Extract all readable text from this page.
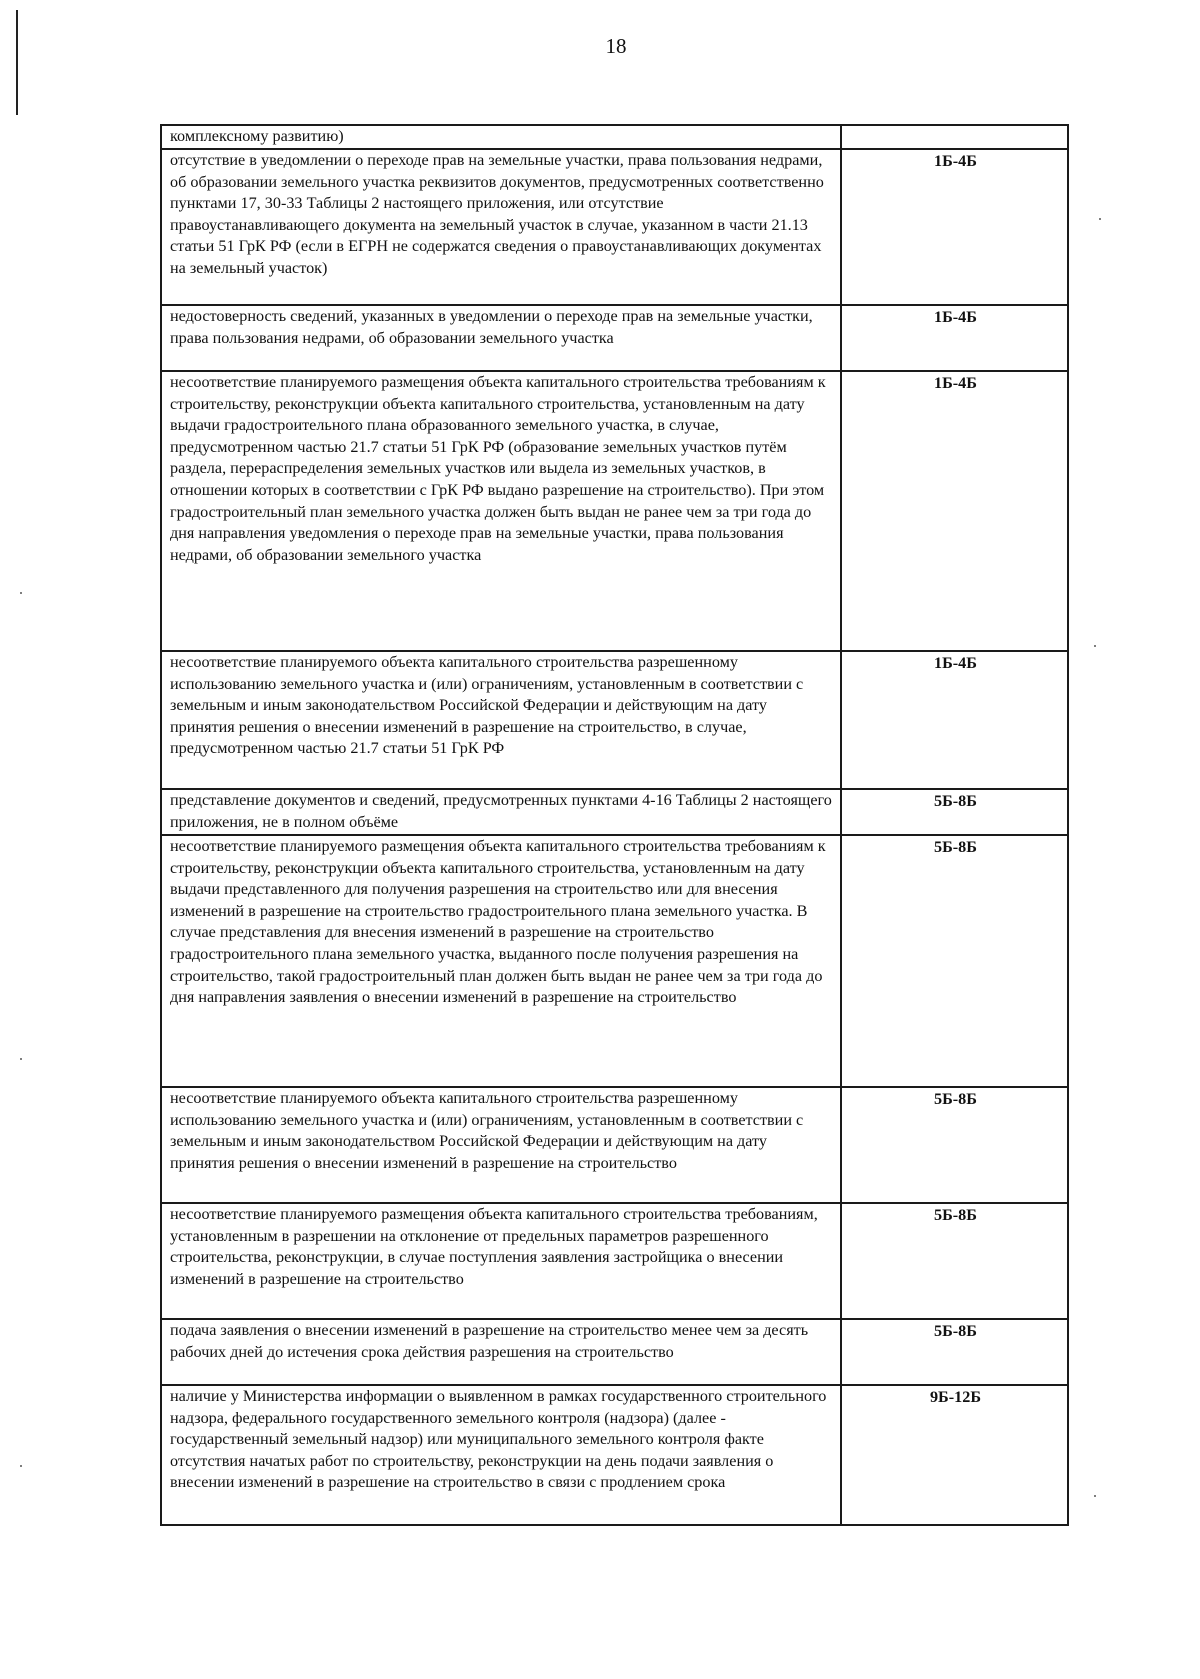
18
комплексному развитию)	
отсутствие в уведомлении о переходе прав на земельные участки, права пользования недрами, об образовании земельного участка реквизитов документов, предусмотренных соответственно пунктами 17, 30-33 Таблицы 2 настоящего приложения, или отсутствие правоустанавливающего документа на земельный участок в случае, указанном в части 21.13 статьи 51 ГрК РФ (если в ЕГРН не содержатся сведения о правоустанавливающих документах на земельный участок)	1Б-4Б
недостоверность сведений, указанных в уведомлении о переходе прав на земельные участки, права пользования недрами, об образовании земельного участка	1Б-4Б
несоответствие планируемого размещения объекта капитального строительства требованиям к строительству, реконструкции объекта капитального строительства, установленным на дату выдачи градостроительного плана образованного земельного участка, в случае, предусмотренном частью 21.7 статьи 51 ГрК РФ (образование земельных участков путём раздела, перераспределения земельных участков или выдела из земельных участков, в отношении которых в соответствии с ГрК РФ выдано разрешение на строительство). При этом градостроительный план земельного участка должен быть выдан не ранее чем за три года до дня направления уведомления о переходе прав на земельные участки, права пользования недрами, об образовании земельного участка	1Б-4Б
несоответствие планируемого объекта капитального строительства разрешенному использованию земельного участка и (или) ограничениям, установленным в соответствии с земельным и иным законодательством Российской Федерации и действующим на дату принятия решения о внесении изменений в разрешение на строительство, в случае, предусмотренном частью 21.7 статьи 51 ГрК РФ	1Б-4Б
представление документов и сведений, предусмотренных пунктами 4-16 Таблицы 2 настоящего приложения, не в полном объёме	5Б-8Б
несоответствие планируемого размещения объекта капитального строительства требованиям к строительству, реконструкции объекта капитального строительства, установленным на дату выдачи представленного для получения разрешения на строительство или для внесения изменений в разрешение на строительство градостроительного плана земельного участка. В случае представления для внесения изменений в разрешение на строительство градостроительного плана земельного участка, выданного после получения разрешения на строительство, такой градостроительный план должен быть выдан не ранее чем за три года до дня направления заявления о внесении изменений в разрешение на строительство	5Б-8Б
несоответствие планируемого объекта капитального строительства разрешенному использованию земельного участка и (или) ограничениям, установленным в соответствии с земельным и иным законодательством Российской Федерации и действующим на дату принятия решения о внесении изменений в разрешение на строительство	5Б-8Б
несоответствие планируемого размещения объекта капитального строительства требованиям, установленным в разрешении на отклонение от предельных параметров разрешенного строительства, реконструкции, в случае поступления заявления застройщика о внесении изменений в разрешение на строительство	5Б-8Б
подача заявления о внесении изменений в разрешение на строительство менее чем за десять рабочих дней до истечения срока действия разрешения на строительство	5Б-8Б
наличие у Министерства информации о выявленном в рамках государственного строительного надзора, федерального государственного земельного контроля (надзора) (далее - государственный земельный надзор) или муниципального земельного контроля факте отсутствия начатых работ по строительству, реконструкции на день подачи заявления о внесении изменений в разрешение на строительство в связи с продлением срока	9Б-12Б
